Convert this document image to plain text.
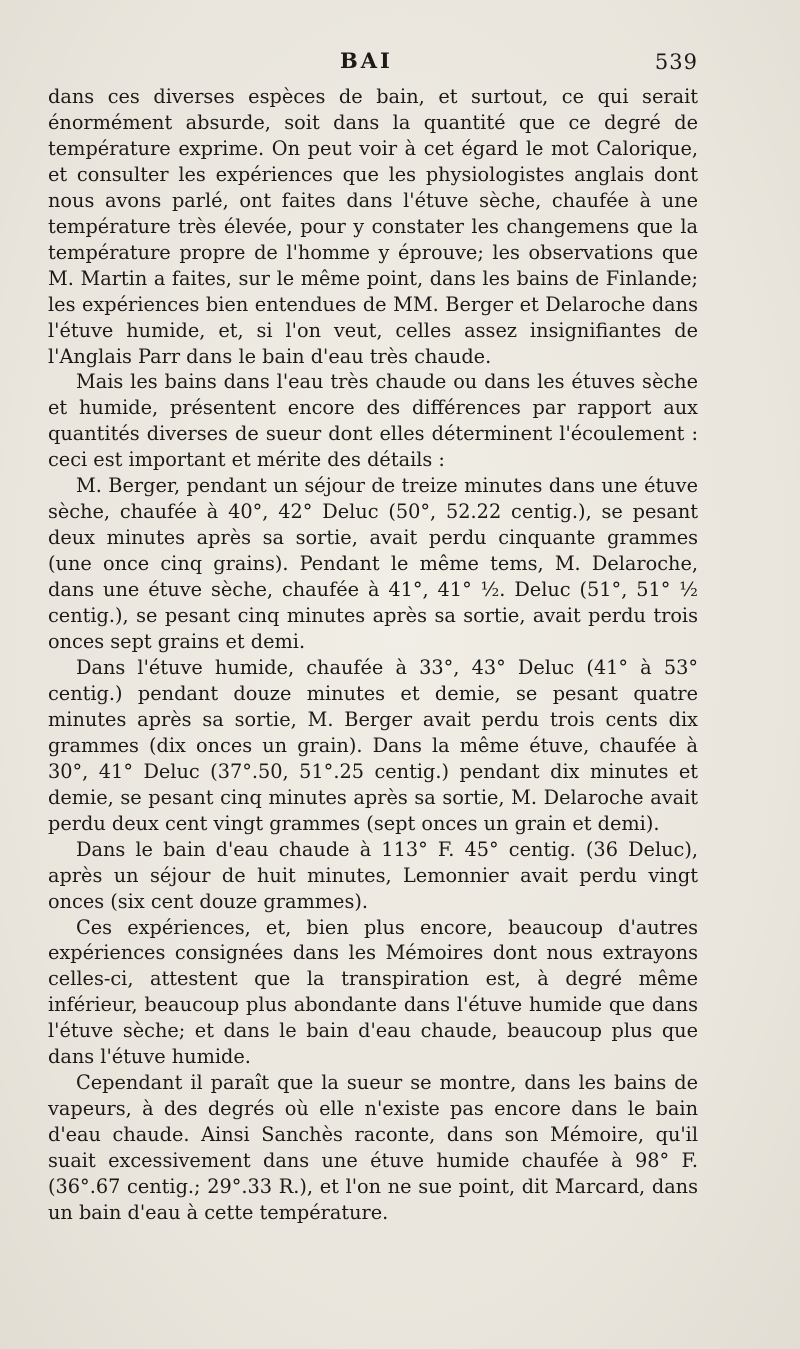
BAI	539

dans ces diverses espèces de bain, et surtout, ce qui serait énormément absurde, soit dans la quantité que ce degré de température exprime. On peut voir à cet égard le mot Calorique, et consulter les expériences que les physiologistes anglais dont nous avons parlé, ont faites dans l'étuve sèche, chaufée à une température très élevée, pour y constater les changemens que la température propre de l'homme y éprouve; les observations que M. Martin a faites, sur le même point, dans les bains de Finlande; les expériences bien entendues de MM. Berger et Delaroche dans l'étuve humide, et, si l'on veut, celles assez insignifiantes de l'Anglais Parr dans le bain d'eau très chaude.

Mais les bains dans l'eau très chaude ou dans les étuves sèche et humide, présentent encore des différences par rapport aux quantités diverses de sueur dont elles déterminent l'écoulement : ceci est important et mérite des détails :

M. Berger, pendant un séjour de treize minutes dans une étuve sèche, chaufée à 40°, 42° Deluc (50°, 52.22 centig.), se pesant deux minutes après sa sortie, avait perdu cinquante grammes (une once cinq grains). Pendant le même tems, M. Delaroche, dans une étuve sèche, chaufée à 41°, 41° ½. Deluc (51°, 51° ½ centig.), se pesant cinq minutes après sa sortie, avait perdu trois onces sept grains et demi.

Dans l'étuve humide, chaufée à 33°, 43° Deluc (41° à 53° centig.) pendant douze minutes et demie, se pesant quatre minutes après sa sortie, M. Berger avait perdu trois cents dix grammes (dix onces un grain). Dans la même étuve, chaufée à 30°, 41° Deluc (37°.50, 51°.25 centig.) pendant dix minutes et demie, se pesant cinq minutes après sa sortie, M. Delaroche avait perdu deux cent vingt grammes (sept onces un grain et demi).

Dans le bain d'eau chaude à 113° F. 45° centig. (36 Deluc), après un séjour de huit minutes, Lemonnier avait perdu vingt onces (six cent douze grammes).

Ces expériences, et, bien plus encore, beaucoup d'autres expériences consignées dans les Mémoires dont nous extrayons celles-ci, attestent que la transpiration est, à degré même inférieur, beaucoup plus abondante dans l'étuve humide que dans l'étuve sèche; et dans le bain d'eau chaude, beaucoup plus que dans l'étuve humide.

Cependant il paraît que la sueur se montre, dans les bains de vapeurs, à des degrés où elle n'existe pas encore dans le bain d'eau chaude. Ainsi Sanchès raconte, dans son Mémoire, qu'il suait excessivement dans une étuve humide chaufée à 98° F. (36°.67 centig.; 29°.33 R.), et l'on ne sue point, dit Marcard, dans un bain d'eau à cette température.
